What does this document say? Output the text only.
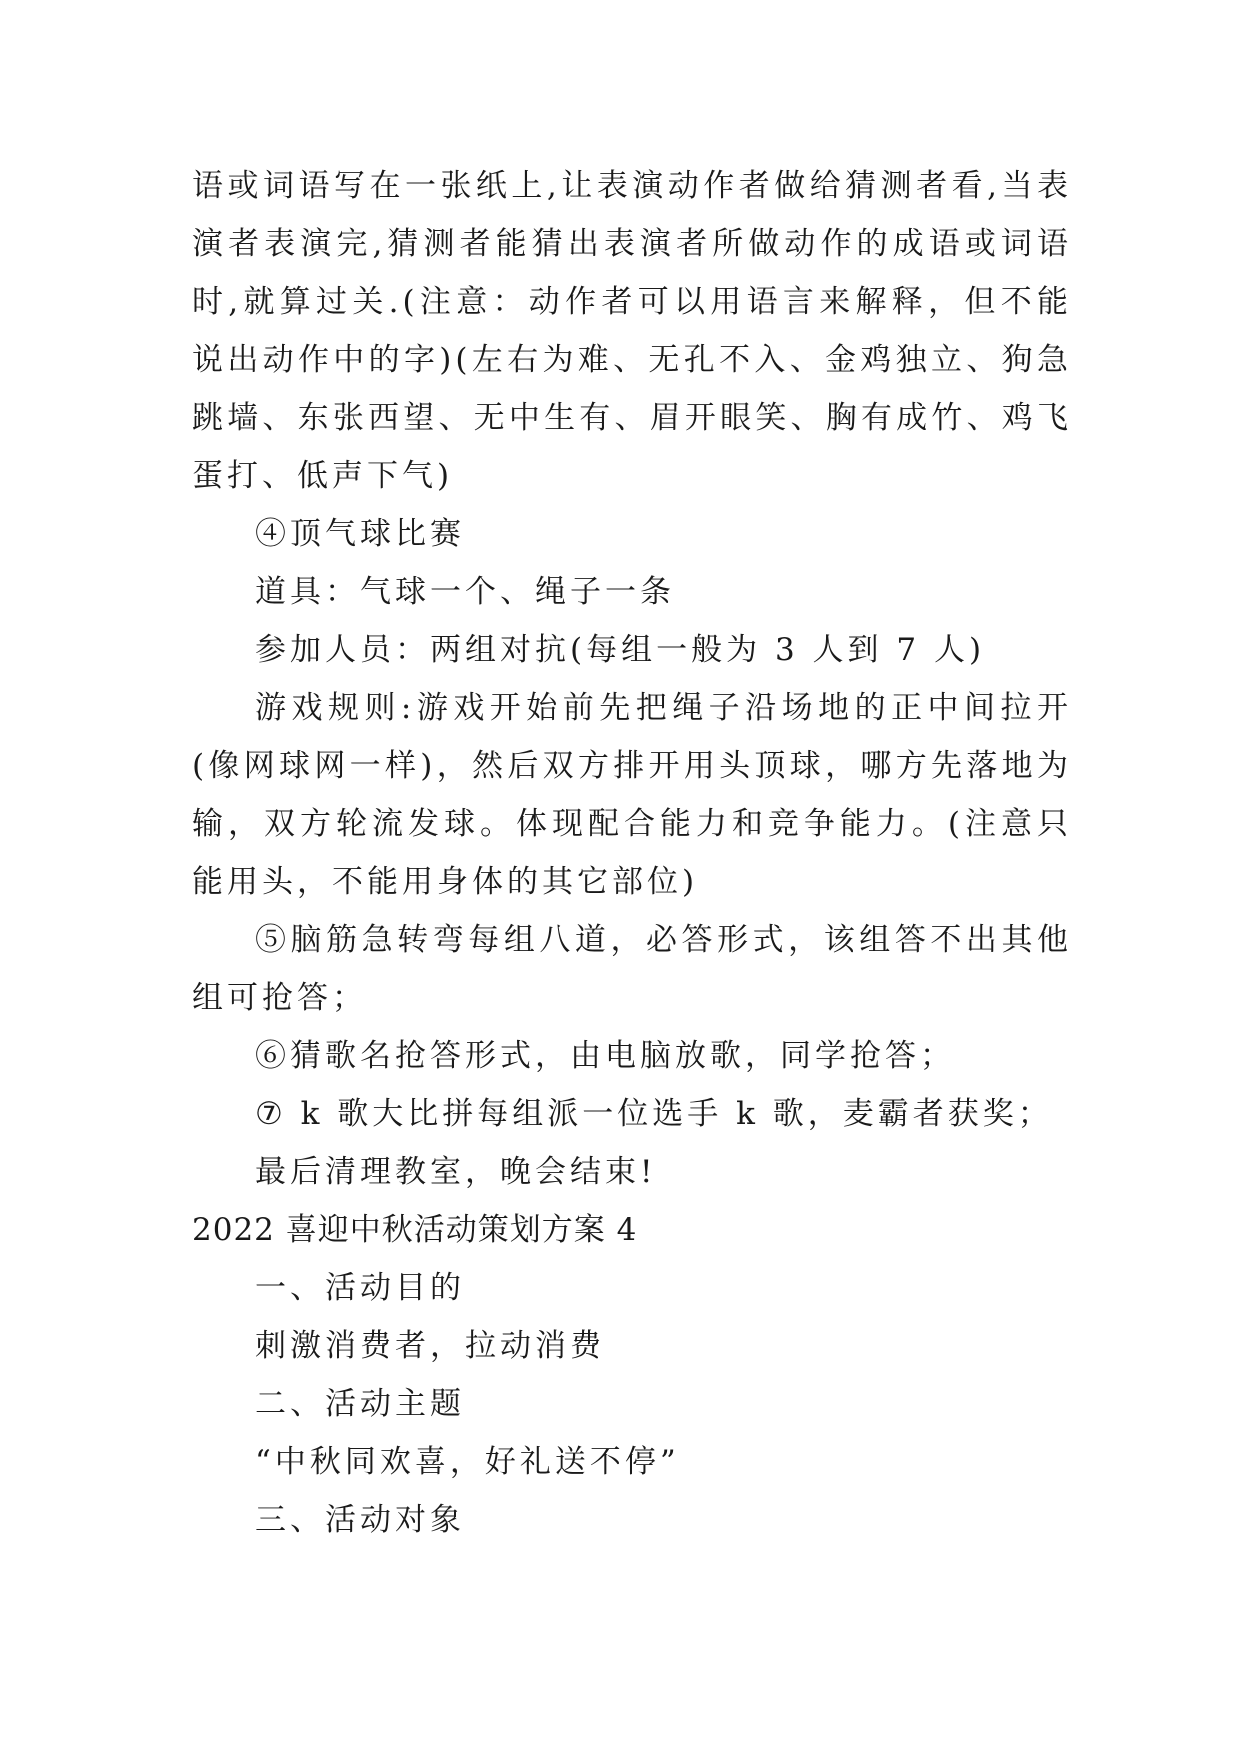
语或词语写在一张纸上,让表演动作者做给猜测者看,当表演者表演完,猜测者能猜出表演者所做动作的成语或词语时,就算过关.(注意：动作者可以用语言来解释，但不能说出动作中的字)(左右为难、无孔不入、金鸡独立、狗急跳墙、东张西望、无中生有、眉开眼笑、胸有成竹、鸡飞蛋打、低声下气)

④顶气球比赛

道具：气球一个、绳子一条

参加人员：两组对抗(每组一般为 3 人到 7 人)

游戏规则:游戏开始前先把绳子沿场地的正中间拉开(像网球网一样)，然后双方排开用头顶球，哪方先落地为输，双方轮流发球。体现配合能力和竞争能力。(注意只能用头，不能用身体的其它部位)

⑤脑筋急转弯每组八道，必答形式，该组答不出其他组可抢答；

⑥猜歌名抢答形式，由电脑放歌，同学抢答；

⑦ k 歌大比拼每组派一位选手 k 歌，麦霸者获奖；

最后清理教室，晚会结束!

2022 喜迎中秋活动策划方案 4

一、活动目的

刺激消费者，拉动消费

二、活动主题

“中秋同欢喜，好礼送不停”

三、活动对象
